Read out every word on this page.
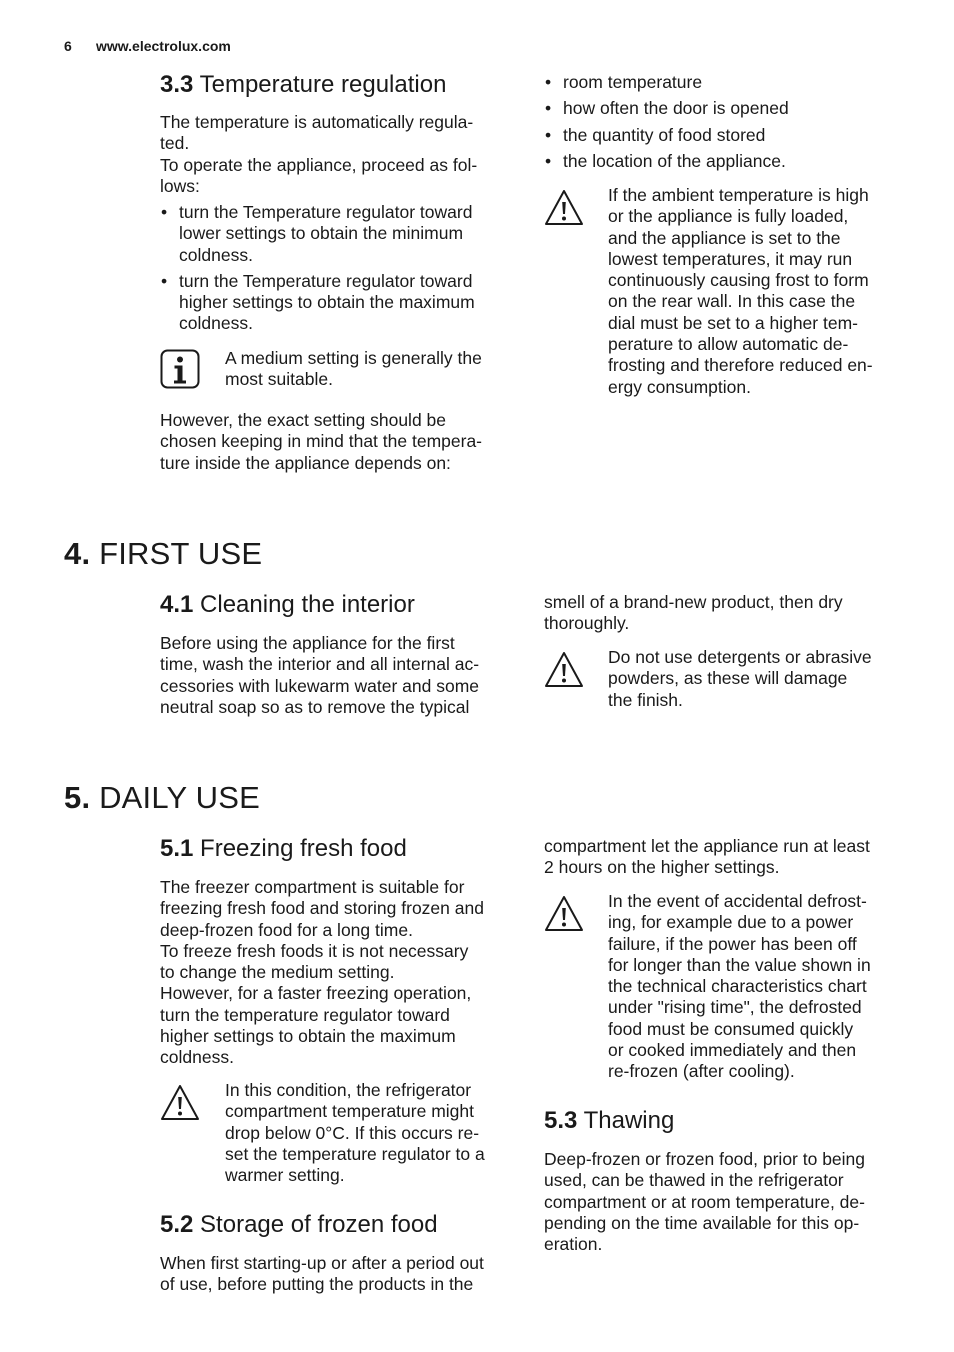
6 www.electrolux.com
3.3 Temperature regulation
The temperature is automatically regula-
ted.
To operate the appliance, proceed as fol-
lows:
• turn the Temperature regulator toward
lower settings to obtain the minimum
coldness.
• turn the Temperature regulator toward
higher settings to obtain the maximum
coldness.
A medium setting is generally the
most suitable.
However, the exact setting should be
chosen keeping in mind that the tempera-
ture inside the appliance depends on:
• room temperature
• how often the door is opened
• the quantity of food stored
• the location of the appliance.
If the ambient temperature is high
or the appliance is fully loaded,
and the appliance is set to the
lowest temperatures, it may run
continuously causing frost to form
on the rear wall. In this case the
dial must be set to a higher tem-
perature to allow automatic de-
frosting and therefore reduced en-
ergy consumption.
4. FIRST USE
4.1 Cleaning the interior
Before using the appliance for the first
time, wash the interior and all internal ac-
cessories with lukewarm water and some
neutral soap so as to remove the typical
smell of a brand-new product, then dry
thoroughly.
Do not use detergents or abrasive
powders, as these will damage
the finish.
5. DAILY USE
5.1 Freezing fresh food
The freezer compartment is suitable for
freezing fresh food and storing frozen and
deep-frozen food for a long time.
To freeze fresh foods it is not necessary
to change the medium setting.
However, for a faster freezing operation,
turn the temperature regulator toward
higher settings to obtain the maximum
coldness.
In this condition, the refrigerator
compartment temperature might
drop below 0°C. If this occurs re-
set the temperature regulator to a
warmer setting.
5.2 Storage of frozen food
When first starting-up or after a period out
of use, before putting the products in the
compartment let the appliance run at least
2 hours on the higher settings.
In the event of accidental defrost-
ing, for example due to a power
failure, if the power has been off
for longer than the value shown in
the technical characteristics chart
under "rising time", the defrosted
food must be consumed quickly
or cooked immediately and then
re-frozen (after cooling).
5.3 Thawing
Deep-frozen or frozen food, prior to being
used, can be thawed in the refrigerator
compartment or at room temperature, de-
pending on the time available for this op-
eration.
